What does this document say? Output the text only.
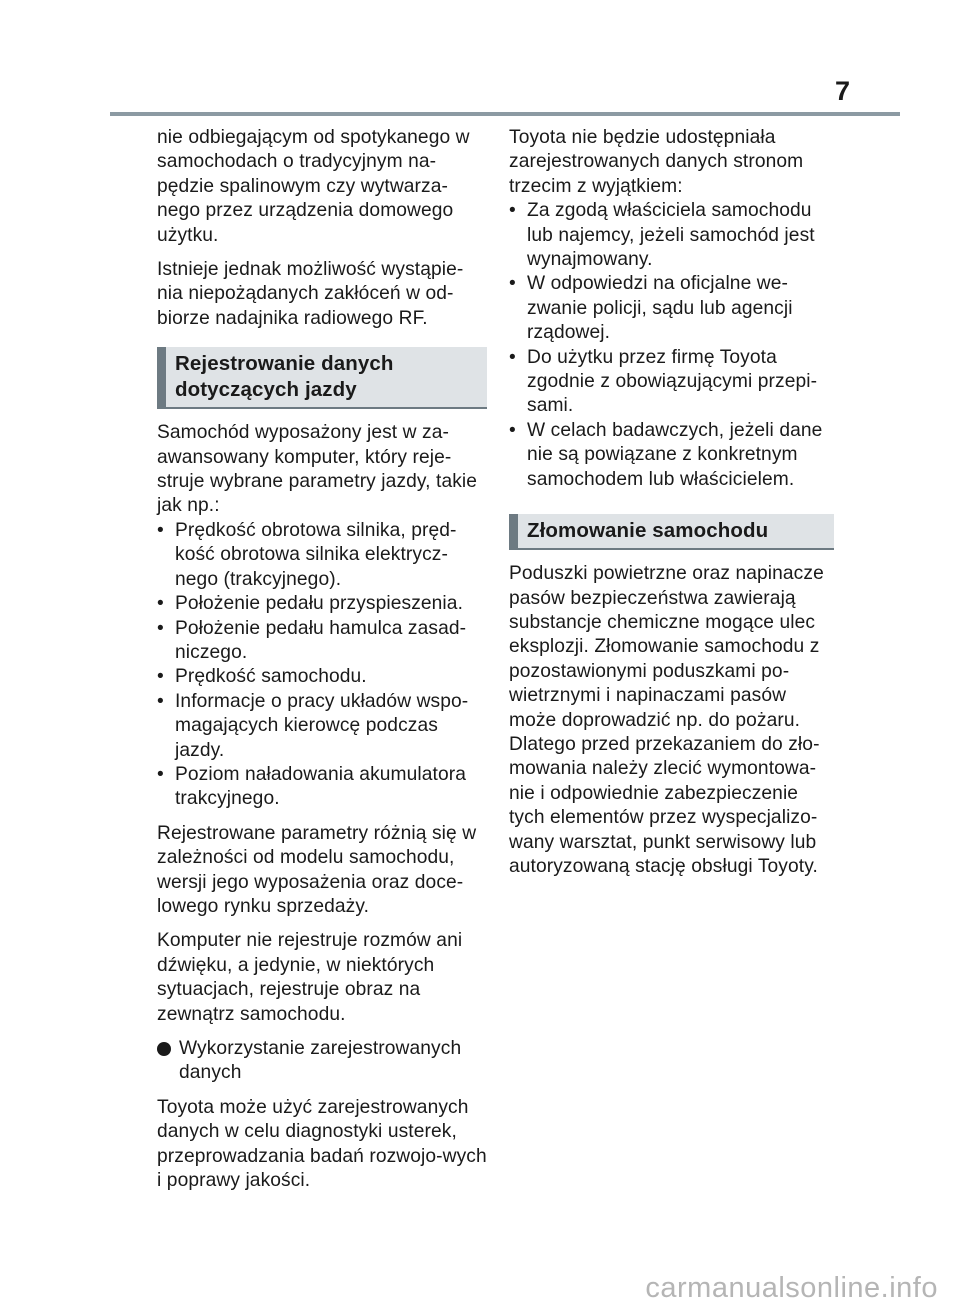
7

nie odbiegającym od spotykanego w samochodach o tradycyjnym na-pędzie spalinowym czy wytwarza-nego przez urządzenia domowego użytku.

Istnieje jednak możliwość wystąpie-nia niepożądanych zakłóceń w od-biorze nadajnika radiowego RF.

Rejestrowanie danych dotyczących jazdy

Samochód wyposażony jest w za-awansowany komputer, który reje-struje wybrane parametry jazdy, takie jak np.:

• Prędkość obrotowa silnika, pręd-kość obrotowa silnika elektrycz-nego (trakcyjnego).
• Położenie pedału przyspieszenia.
• Położenie pedału hamulca zasad-niczego.
• Prędkość samochodu.
• Informacje o pracy układów wspo-magających kierowcę podczas jazdy.
• Poziom naładowania akumulatora trakcyjnego.

Rejestrowane parametry różnią się w zależności od modelu samochodu, wersji jego wyposażenia oraz doce-lowego rynku sprzedaży.

Komputer nie rejestruje rozmów ani dźwięku, a jedynie, w niektórych sytuacjach, rejestruje obraz na zewnątrz samochodu.

Wykorzystanie zarejestrowanych danych

Toyota może użyć zarejestrowanych danych w celu diagnostyki usterek, przeprowadzania badań rozwojo-wych i poprawy jakości.

Toyota nie będzie udostępniała zarejestrowanych danych stronom trzecim z wyjątkiem:

• Za zgodą właściciela samochodu lub najemcy, jeżeli samochód jest wynajmowany.
• W odpowiedzi na oficjalne we-zwanie policji, sądu lub agencji rządowej.
• Do użytku przez firmę Toyota zgodnie z obowiązującymi przepi-sami.
• W celach badawczych, jeżeli dane nie są powiązane z konkretnym samochodem lub właścicielem.
Złomowanie samochodu

Poduszki powietrzne oraz napinacze pasów bezpieczeństwa zawierają substancje chemiczne mogące ulec eksplozji. Złomowanie samochodu z pozostawionymi poduszkami po-wietrznymi i napinaczami pasów może doprowadzić np. do pożaru. Dlatego przed przekazaniem do zło-mowania należy zlecić wymontowa-nie i odpowiednie zabezpieczenie tych elementów przez wyspecjalizo-wany warsztat, punkt serwisowy lub autoryzowaną stację obsługi Toyoty.

carmanualsonline.info
